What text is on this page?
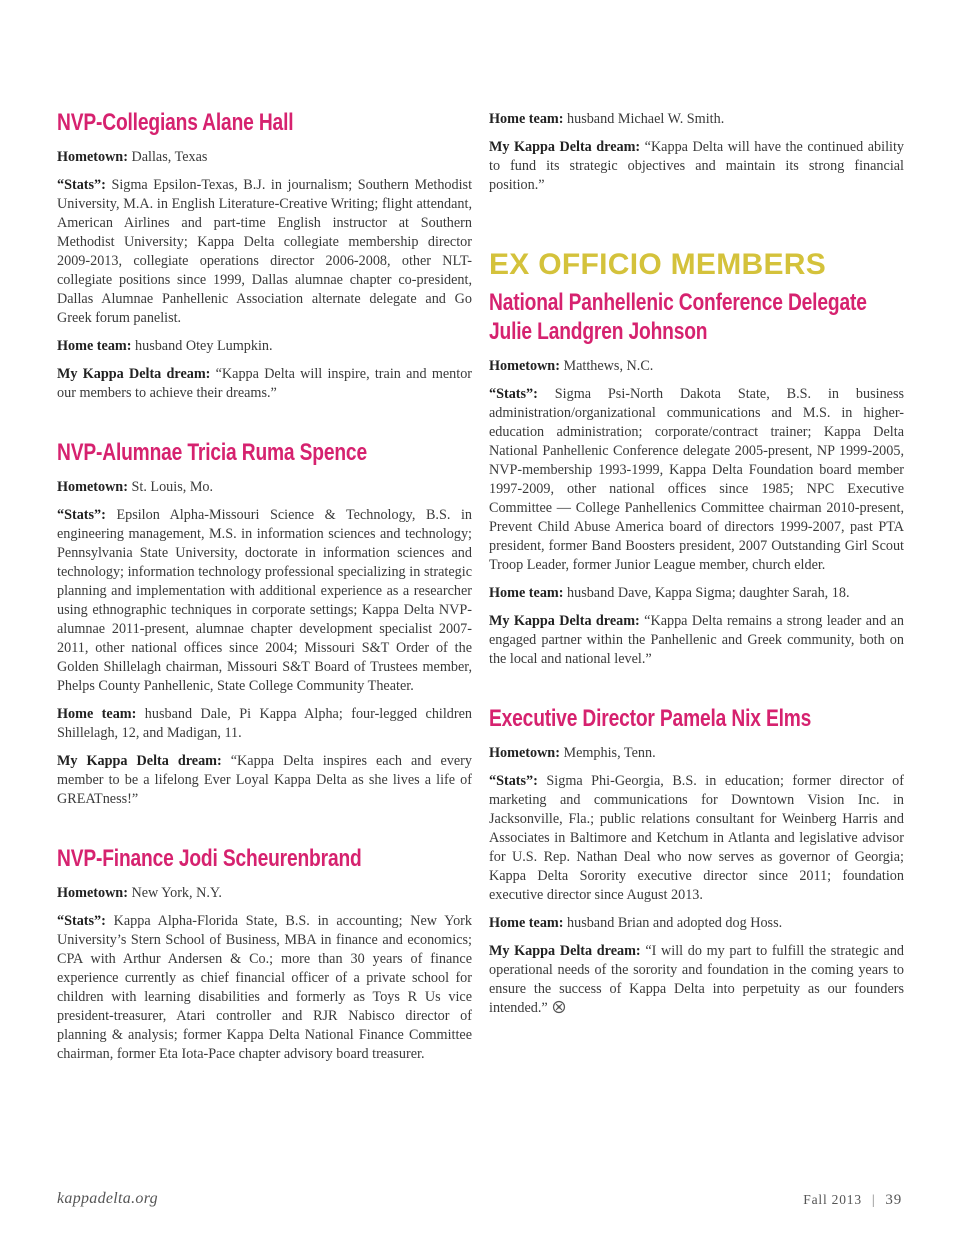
NVP-Collegians Alane Hall

Hometown: Dallas, Texas

“Stats”: Sigma Epsilon-Texas, B.J. in journalism; Southern Methodist University, M.A. in English Literature-Creative Writing; flight attendant, American Airlines and part-time English instructor at Southern Methodist University; Kappa Delta collegiate membership director 2009-2013, collegiate operations director 2006-2008, other NLT-collegiate positions since 1999, Dallas alumnae chapter co-president, Dallas Alumnae Panhellenic Association alternate delegate and Go Greek forum panelist.

Home team: husband Otey Lumpkin.

My Kappa Delta dream: “Kappa Delta will inspire, train and mentor our members to achieve their dreams.”

NVP-Alumnae Tricia Ruma Spence

Hometown: St. Louis, Mo.

“Stats”: Epsilon Alpha-Missouri Science & Technology, B.S. in engineering management, M.S. in information sciences and technology; Pennsylvania State University, doctorate in information sciences and technology; information technology professional specializing in strategic planning and implementation with additional experience as a researcher using ethnographic techniques in corporate settings; Kappa Delta NVP-alumnae 2011-present, alumnae chapter development specialist 2007-2011, other national offices since 2004; Missouri S&T Order of the Golden Shillelagh chairman, Missouri S&T Board of Trustees member, Phelps County Panhellenic, State College Community Theater.

Home team: husband Dale, Pi Kappa Alpha; four-legged children Shillelagh, 12, and Madigan, 11.

My Kappa Delta dream: “Kappa Delta inspires each and every member to be a lifelong Ever Loyal Kappa Delta as she lives a life of GREATness!”

NVP-Finance Jodi Scheurenbrand

Hometown: New York, N.Y.

“Stats”: Kappa Alpha-Florida State, B.S. in accounting; New York University’s Stern School of Business, MBA in finance and economics; CPA with Arthur Andersen & Co.; more than 30 years of finance experience currently as chief financial officer of a private school for children with learning disabilities and formerly as Toys R Us vice president-treasurer, Atari controller and RJR Nabisco director of planning & analysis; former Kappa Delta National Finance Committee chairman, former Eta Iota-Pace chapter advisory board treasurer.

Home team: husband Michael W. Smith.

My Kappa Delta dream: “Kappa Delta will have the continued ability to fund its strategic objectives and maintain its strong financial position.”

EX OFFICIO MEMBERS
National Panhellenic Conference Delegate
Julie Landgren Johnson

Hometown: Matthews, N.C.

“Stats”: Sigma Psi-North Dakota State, B.S. in business administration/organizational communications and M.S. in higher-education administration; corporate/contract trainer; Kappa Delta National Panhellenic Conference delegate 2005-present, NP 1999-2005, NVP-membership 1993-1999, Kappa Delta Foundation board member 1997-2009, other national offices since 1985; NPC Executive Committee — College Panhellenics Committee chairman 2010-present, Prevent Child Abuse America board of directors 1999-2007, past PTA president, former Band Boosters president, 2007 Outstanding Girl Scout Troop Leader, former Junior League member, church elder.

Home team: husband Dave, Kappa Sigma; daughter Sarah, 18.

My Kappa Delta dream: “Kappa Delta remains a strong leader and an engaged partner within the Panhellenic and Greek community, both on the local and national level.”

Executive Director Pamela Nix Elms

Hometown: Memphis, Tenn.

“Stats”: Sigma Phi-Georgia, B.S. in education; former director of marketing and communications for Downtown Vision Inc. in Jacksonville, Fla.; public relations consultant for Weinberg Harris and Associates in Baltimore and Ketchum in Atlanta and legislative advisor for U.S. Rep. Nathan Deal who now serves as governor of Georgia; Kappa Delta Sorority executive director since 2011; foundation executive director since August 2013.

Home team: husband Brian and adopted dog Hoss.

My Kappa Delta dream: “I will do my part to fulfill the strategic and operational needs of the sorority and foundation in the coming years to ensure the success of Kappa Delta into perpetuity as our founders intended.”

kappadelta.org	Fall 2013 | 39
